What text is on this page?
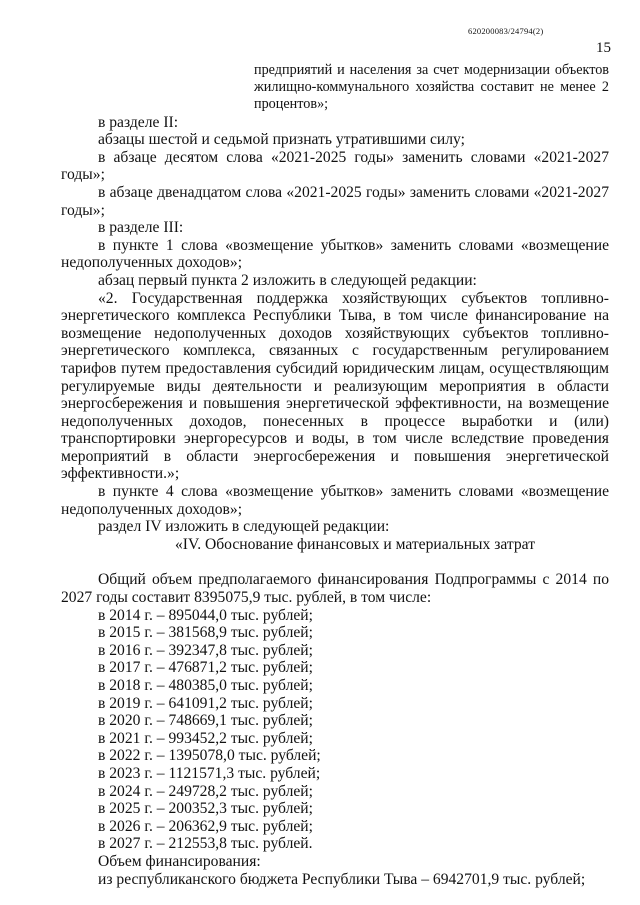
620200083/24794(2)
15

предприятий и населения за счет модернизации объектов жилищно-коммунального хозяйства составит не менее 2 процентов»;

в разделе II:

абзацы шестой и седьмой признать утратившими силу;

в абзаце десятом слова «2021-2025 годы» заменить словами «2021-2027 годы»;

в абзаце двенадцатом слова «2021-2025 годы» заменить словами «2021-2027 годы»;

в разделе III:

в пункте 1 слова «возмещение убытков» заменить словами «возмещение недополученных доходов»;

абзац первый пункта 2 изложить в следующей редакции:

«2. Государственная поддержка хозяйствующих субъектов топливно-энергетического комплекса Республики Тыва, в том числе финансирование на возмещение недополученных доходов хозяйствующих субъектов топливно-энергетического комплекса, связанных с государственным регулированием тарифов путем предоставления субсидий юридическим лицам, осуществляющим регулируемые виды деятельности и реализующим мероприятия в области энергосбережения и повышения энергетической эффективности, на возмещение недополученных доходов, понесенных в процессе выработки и (или) транспортировки энергоресурсов и воды, в том числе вследствие проведения мероприятий в области энергосбережения и повышения энергетической эффективности.»;

в пункте 4 слова «возмещение убытков» заменить словами «возмещение недополученных доходов»;

раздел IV изложить в следующей редакции:

«IV. Обоснование финансовых и материальных затрат

Общий объем предполагаемого финансирования Подпрограммы с 2014 по 2027 годы составит 8395075,9 тыс. рублей, в том числе:

в 2014 г. – 895044,0 тыс. рублей;

в 2015 г. – 381568,9 тыс. рублей;

в 2016 г. – 392347,8 тыс. рублей;

в 2017 г. – 476871,2 тыс. рублей;

в 2018 г. – 480385,0 тыс. рублей;

в 2019 г. – 641091,2 тыс. рублей;

в 2020 г. – 748669,1 тыс. рублей;

в 2021 г. – 993452,2 тыс. рублей;

в 2022 г. – 1395078,0 тыс. рублей;

в 2023 г. – 1121571,3 тыс. рублей;

в 2024 г. – 249728,2 тыс. рублей;

в 2025 г. – 200352,3 тыс. рублей;

в 2026 г. – 206362,9 тыс. рублей;

в 2027 г. – 212553,8 тыс. рублей.

Объем финансирования:

из республиканского бюджета Республики Тыва – 6942701,9 тыс. рублей;
